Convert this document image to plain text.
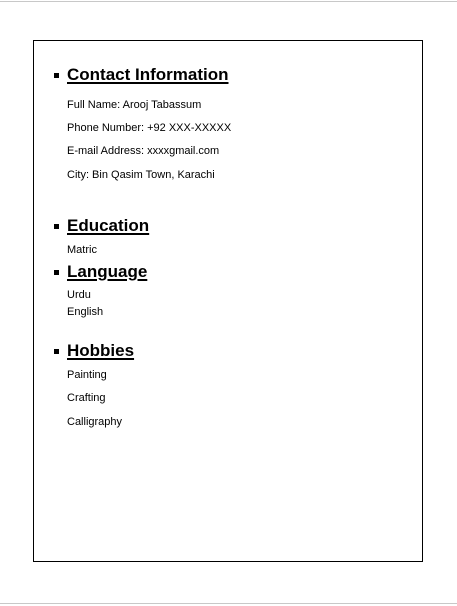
Contact Information
Full Name: Arooj Tabassum
Phone Number: +92 XXX-XXXXX
E-mail Address: xxxxgmail.com
City: Bin Qasim Town, Karachi
Education
Matric
Language
Urdu
English
Hobbies
Painting
Crafting
Calligraphy
